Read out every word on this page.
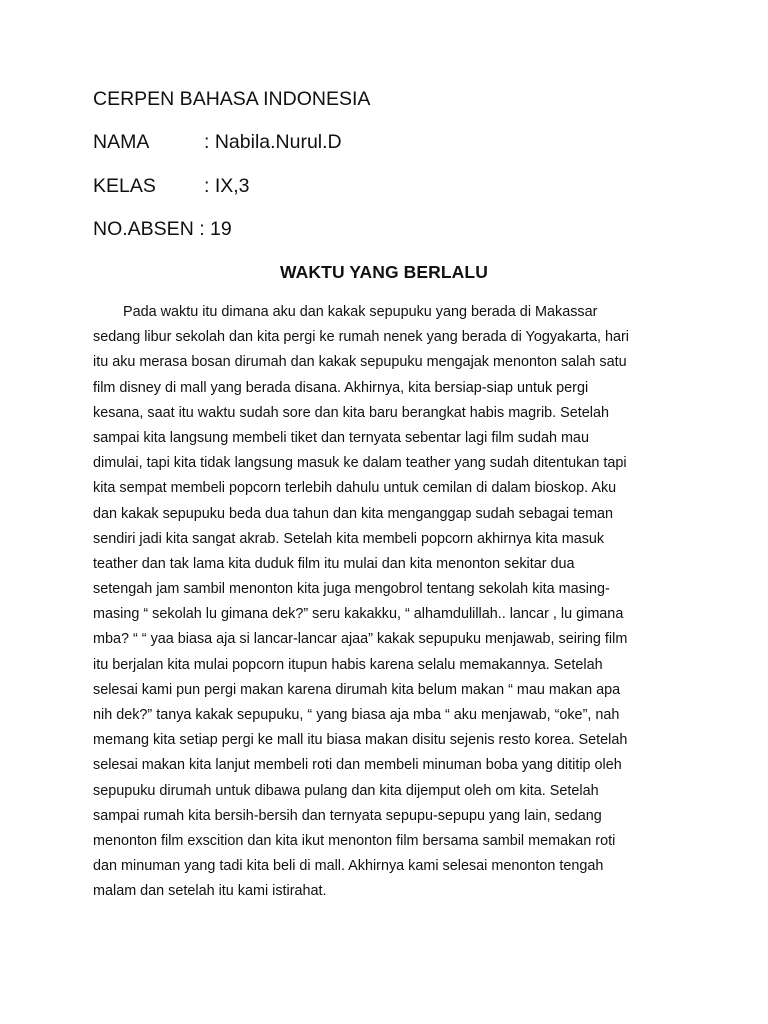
CERPEN BAHASA INDONESIA
NAMA	: Nabila.Nurul.D
KELAS : IX,3
NO.ABSEN : 19
WAKTU YANG BERLALU
Pada waktu itu dimana aku dan kakak sepupuku yang berada di Makassar
sedang libur sekolah dan kita pergi ke rumah nenek yang berada di Yogyakarta, hari
itu aku merasa bosan dirumah dan kakak sepupuku mengajak menonton salah satu
film disney di mall yang berada disana. Akhirnya, kita bersiap-siap untuk pergi
kesana, saat itu waktu sudah sore dan kita baru berangkat habis magrib. Setelah
sampai kita langsung membeli tiket dan ternyata sebentar lagi film sudah mau
dimulai, tapi kita tidak langsung masuk ke dalam teather yang sudah ditentukan tapi
kita sempat membeli popcorn terlebih dahulu untuk cemilan di dalam bioskop. Aku
dan kakak sepupuku beda dua tahun dan kita menganggap sudah sebagai teman
sendiri jadi kita sangat akrab. Setelah kita membeli popcorn akhirnya kita masuk
teather dan tak lama kita duduk film itu mulai dan kita menonton sekitar dua
setengah jam sambil menonton kita juga mengobrol tentang sekolah kita masing-
masing “ sekolah lu gimana dek?” seru kakakku, “ alhamdulillah.. lancar , lu gimana
mba? “ “ yaa biasa aja si lancar-lancar ajaa” kakak sepupuku menjawab, seiring film
itu berjalan kita mulai popcorn itupun habis karena selalu memakannya. Setelah
selesai kami pun pergi makan karena dirumah kita belum makan “ mau makan apa
nih dek?” tanya kakak sepupuku, “ yang biasa aja mba “ aku menjawab, “oke”, nah
memang kita setiap pergi ke mall itu biasa makan disitu sejenis resto korea. Setelah
selesai makan kita lanjut membeli roti dan membeli minuman boba yang dititip oleh
sepupuku dirumah untuk dibawa pulang dan kita dijemput oleh om kita. Setelah
sampai rumah kita bersih-bersih dan ternyata sepupu-sepupu yang lain, sedang
menonton film exscition dan kita ikut menonton film bersama sambil memakan roti
dan minuman yang tadi kita beli di mall. Akhirnya kami selesai menonton tengah
malam dan setelah itu kami istirahat.
